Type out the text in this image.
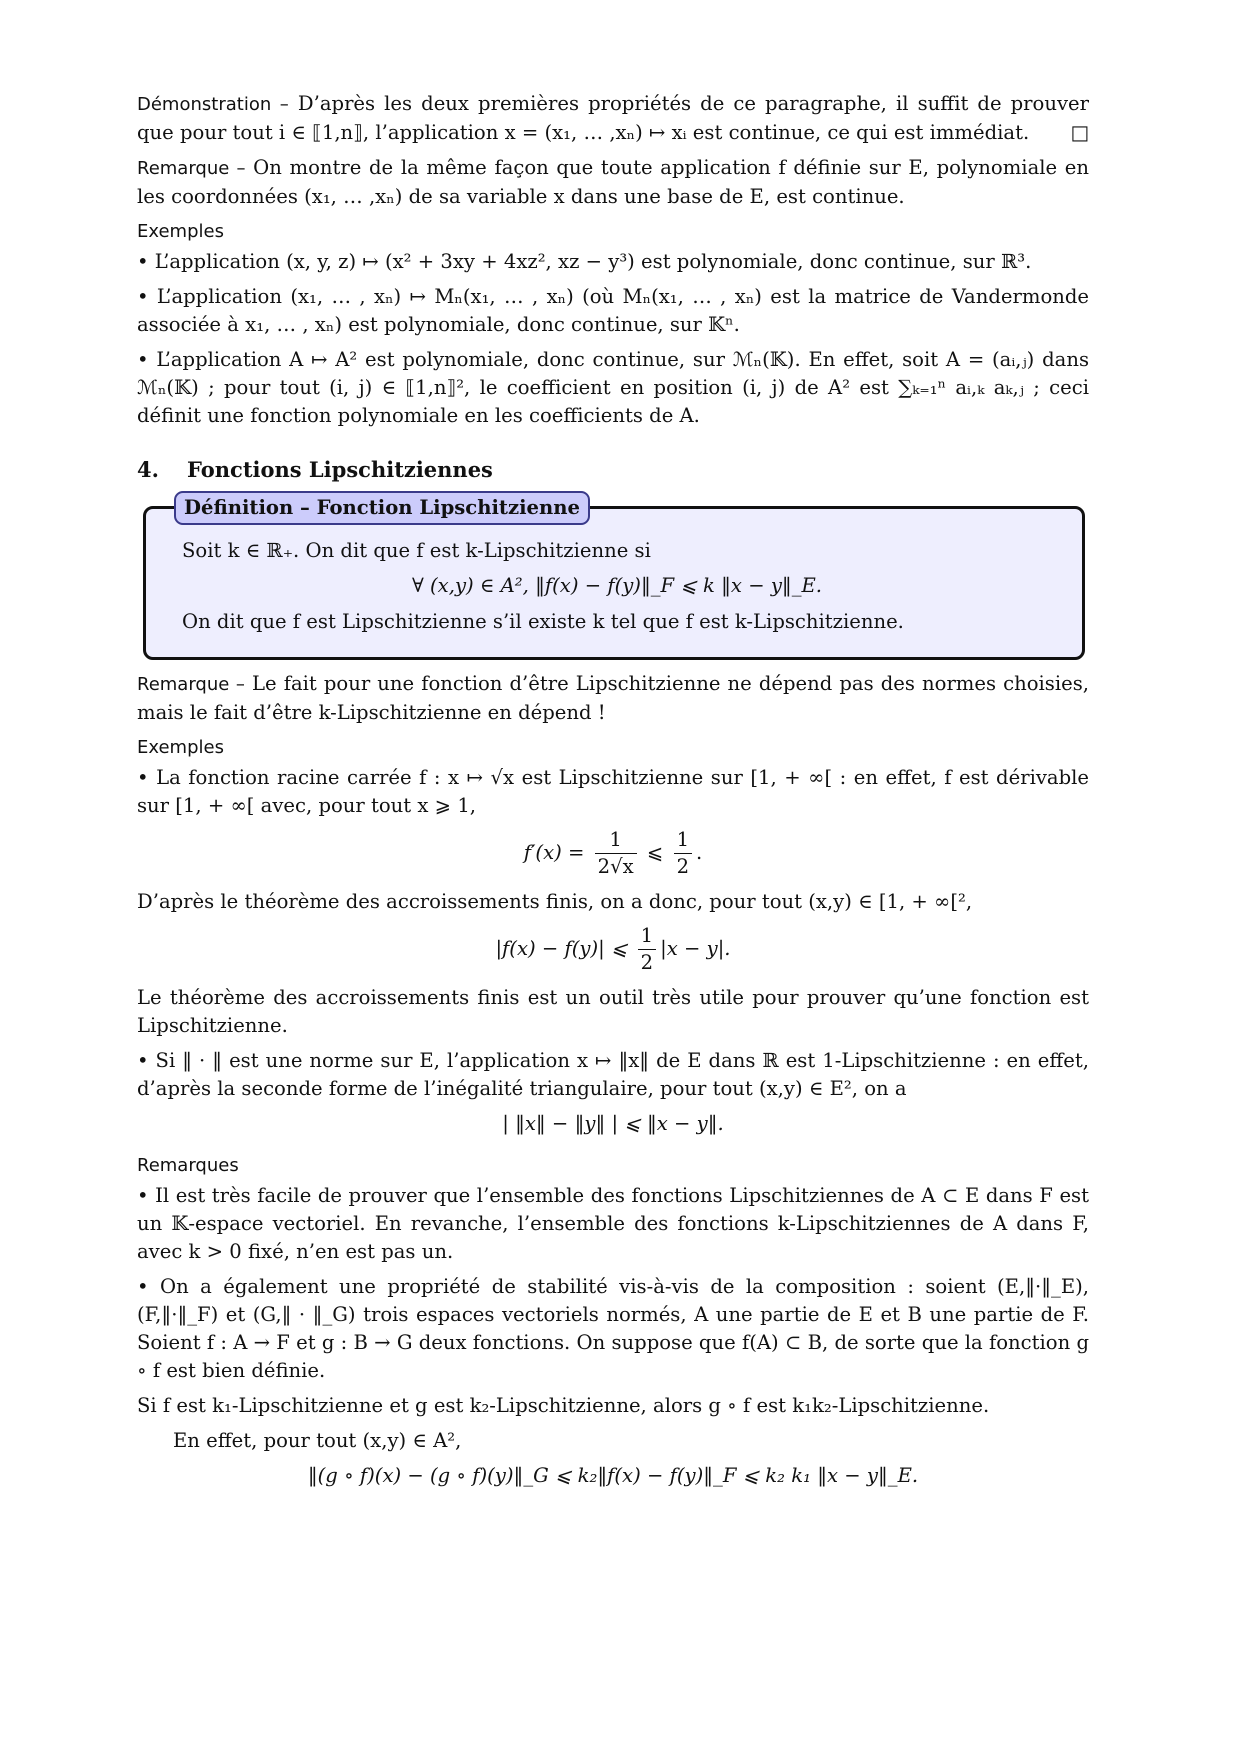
Démonstration – D’après les deux premières propriétés de ce paragraphe, il suffit de prouver que pour tout i ∈ ⟦1,n⟧, l’application x = (x₁, … ,xₙ) ↦ xᵢ est continue, ce qui est immédiat. □

Remarque – On montre de la même façon que toute application f définie sur E, polynomiale en les coordonnées (x₁, … ,xₙ) de sa variable x dans une base de E, est continue.

Exemples

• L’application (x, y, z) ↦ (x² + 3xy + 4xz², xz − y³) est polynomiale, donc continue, sur ℝ³.

• L’application (x₁, … , xₙ) ↦ Mₙ(x₁, … , xₙ) (où Mₙ(x₁, … , xₙ) est la matrice de Vandermonde associée à x₁, … , xₙ) est polynomiale, donc continue, sur 𝕂ⁿ.

• L’application A ↦ A² est polynomiale, donc continue, sur ℳₙ(𝕂). En effet, soit A = (aᵢ,ⱼ) dans ℳₙ(𝕂) ; pour tout (i, j) ∈ ⟦1,n⟧², le coefficient en position (i, j) de A² est ∑ₖ₌₁ⁿ aᵢ,ₖ aₖ,ⱼ ; ceci définit une fonction polynomiale en les coefficients de A.

4. Fonctions Lipschitziennes
Définition – Fonction Lipschitzienne

Soit k ∈ ℝ₊. On dit que f est k-Lipschitzienne si

∀ (x,y) ∈ A², ‖f(x) − f(y)‖_F ⩽ k ‖x − y‖_E.

On dit que f est Lipschitzienne s’il existe k tel que f est k-Lipschitzienne.

Remarque – Le fait pour une fonction d’être Lipschitzienne ne dépend pas des normes choisies, mais le fait d’être k-Lipschitzienne en dépend !

Exemples

• La fonction racine carrée f : x ↦ √x est Lipschitzienne sur [1, + ∞[ : en effet, f est dérivable sur [1, + ∞[ avec, pour tout x ⩾ 1,

$f'(x) = \frac{1}{2√x}$ ⩽ $\frac{1}{2}$ .

D’après le théorème des accroissements finis, on a donc, pour tout (x,y) ∈ [1, + ∞[²,

|f(x) − f(y)| ⩽ $\frac{1}{2} |x - y|$.

Le théorème des accroissements finis est un outil très utile pour prouver qu’une fonction est Lipschitzienne.

• Si ‖ · ‖ est une norme sur E, l’application x ↦ ‖x‖ de E dans ℝ est 1-Lipschitzienne : en effet, d’après la seconde forme de l’inégalité triangulaire, pour tout (x,y) ∈ E², on a

| ‖x‖ − ‖y‖ | ⩽ ‖x − y‖.
Remarques

• Il est très facile de prouver que l’ensemble des fonctions Lipschitziennes de A ⊂ E dans F est un 𝕂-espace vectoriel. En revanche, l’ensemble des fonctions k-Lipschitziennes de A dans F, avec k > 0 fixé, n’en est pas un.

• On a également une propriété de stabilité vis-à-vis de la composition : soient (E,‖·‖_E), (F,‖·‖_F) et (G,‖ · ‖_G) trois espaces vectoriels normés, A une partie de E et B une partie de F. Soient f : A → F et g : B → G deux fonctions. On suppose que f(A) ⊂ B, de sorte que la fonction g ∘ f est bien définie.

Si f est k₁-Lipschitzienne et g est k₂-Lipschitzienne, alors g ∘ f est k₁k₂-Lipschitzienne.

En effet, pour tout (x,y) ∈ A²,

‖(g ∘ f)(x) − (g ∘ f)(y)‖_G ⩽ k₂‖f(x) − f(y)‖_F ⩽ k₂ k₁ ‖x − y‖_E.
